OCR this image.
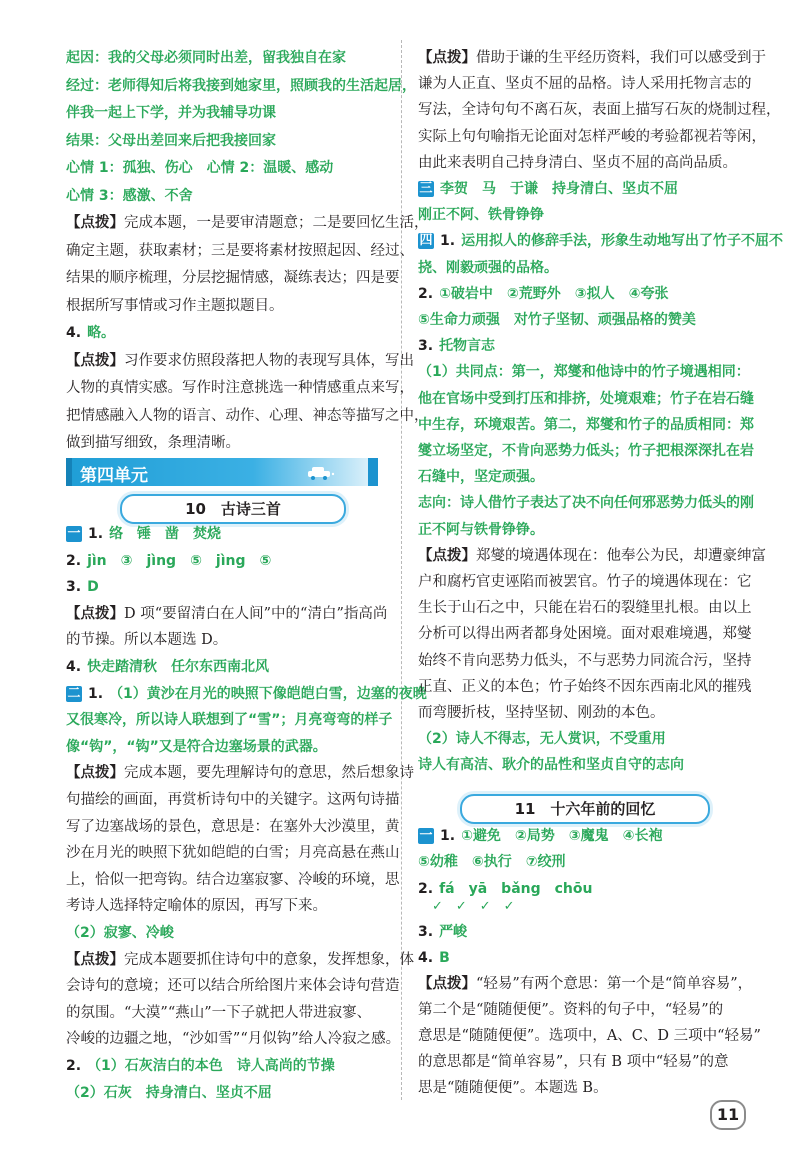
起因：我的父母必须同时出差，留我独自在家
经过：老师得知后将我接到她家里，照顾我的生活起居，
伴我一起上下学，并为我辅导功课
结果：父母出差回来后把我接回家
心情 1：孤独、伤心　心情 2：温暖、感动
心情 3：感激、不舍
【点拨】完成本题，一是要审清题意；二是要回忆生活，
确定主题，获取素材；三是要将素材按照起因、经过、
结果的顺序梳理，分层挖掘情感，凝练表达；四是要
根据所写事情或习作主题拟题目。
4. 略。
【点拨】习作要求仿照段落把人物的表现写具体，写出
人物的真情实感。写作时注意挑选一种情感重点来写，
把情感融入人物的语言、动作、心理、神态等描写之中，
做到描写细致，条理清晰。
第四单元
10　古诗三首
一 1. 络　锤　凿　焚烧
2. jìn　③　jìng　⑤　jìng　⑤
3. D
【点拨】D 项“要留清白在人间”中的“清白”指高尚
的节操。所以本题选 D。
4. 快走踏清秋　任尔东西南北风
二 1. （1）黄沙在月光的映照下像皑皑白雪，边塞的夜晚
又很寒冷，所以诗人联想到了“雪”；月亮弯弯的样子
像“钩”，“钩”又是符合边塞场景的武器。
【点拨】完成本题，要先理解诗句的意思，然后想象诗
句描绘的画面，再赏析诗句中的关键字。这两句诗描
写了边塞战场的景色，意思是：在塞外大沙漠里，黄
沙在月光的映照下犹如皑皑的白雪；月亮高悬在燕山
上，恰似一把弯钩。结合边塞寂寥、冷峻的环境，思
考诗人选择特定喻体的原因，再写下来。
（2）寂寥、冷峻
【点拨】完成本题要抓住诗句中的意象，发挥想象，体
会诗句的意境；还可以结合所给图片来体会诗句营造
的氛围。“大漠”“燕山”一下子就把人带进寂寥、
冷峻的边疆之地，“沙如雪”“月似钩”给人冷寂之感。
2. （1）石灰洁白的本色　诗人高尚的节操
（2）石灰　持身清白、坚贞不屈
【点拨】借助于谦的生平经历资料，我们可以感受到于
谦为人正直、坚贞不屈的品格。诗人采用托物言志的
写法，全诗句句不离石灰，表面上描写石灰的烧制过程，
实际上句句喻指无论面对怎样严峻的考验都视若等闲，
由此来表明自己持身清白、坚贞不屈的高尚品质。
三 李贺　马　于谦　持身清白、坚贞不屈
刚正不阿、铁骨铮铮
四 1. 运用拟人的修辞手法，形象生动地写出了竹子不屈不
挠、刚毅顽强的品格。
2. ①破岩中　②荒野外　③拟人　④夸张
⑤生命力顽强　对竹子坚韧、顽强品格的赞美
3. 托物言志
（1）共同点：第一，郑燮和他诗中的竹子境遇相同：
他在官场中受到打压和排挤，处境艰难；竹子在岩石缝
中生存，环境艰苦。第二，郑燮和竹子的品质相同：郑
燮立场坚定，不肯向恶势力低头；竹子把根深深扎在岩
石缝中，坚定顽强。
志向：诗人借竹子表达了决不向任何邪恶势力低头的刚
正不阿与铁骨铮铮。
【点拨】郑燮的境遇体现在：他奉公为民，却遭豪绅富
户和腐朽官吏诬陷而被罢官。竹子的境遇体现在：它
生长于山石之中，只能在岩石的裂缝里扎根。由以上
分析可以得出两者都身处困境。面对艰难境遇，郑燮
始终不肯向恶势力低头，不与恶势力同流合污，坚持
正直、正义的本色；竹子始终不因东西南北风的摧残
而弯腰折枝，坚持坚韧、刚劲的本色。
（2）诗人不得志，无人赏识，不受重用
诗人有高洁、耿介的品性和坚贞自守的志向
11　十六年前的回忆
一 1. ①避免　②局势　③魔鬼　④长袍
⑤幼稚　⑥执行　⑦绞刑
2. fá　yā　bǎng　chōu
✓　✓　✓　✓
3. 严峻
4. B
【点拨】“轻易”有两个意思：第一个是“简单容易”，
第二个是“随随便便”。资料的句子中，“轻易”的
意思是“随随便便”。选项中，A、C、D 三项中“轻易”
的意思都是“简单容易”，只有 B 项中“轻易”的意
思是“随随便便”。本题选 B。
11
